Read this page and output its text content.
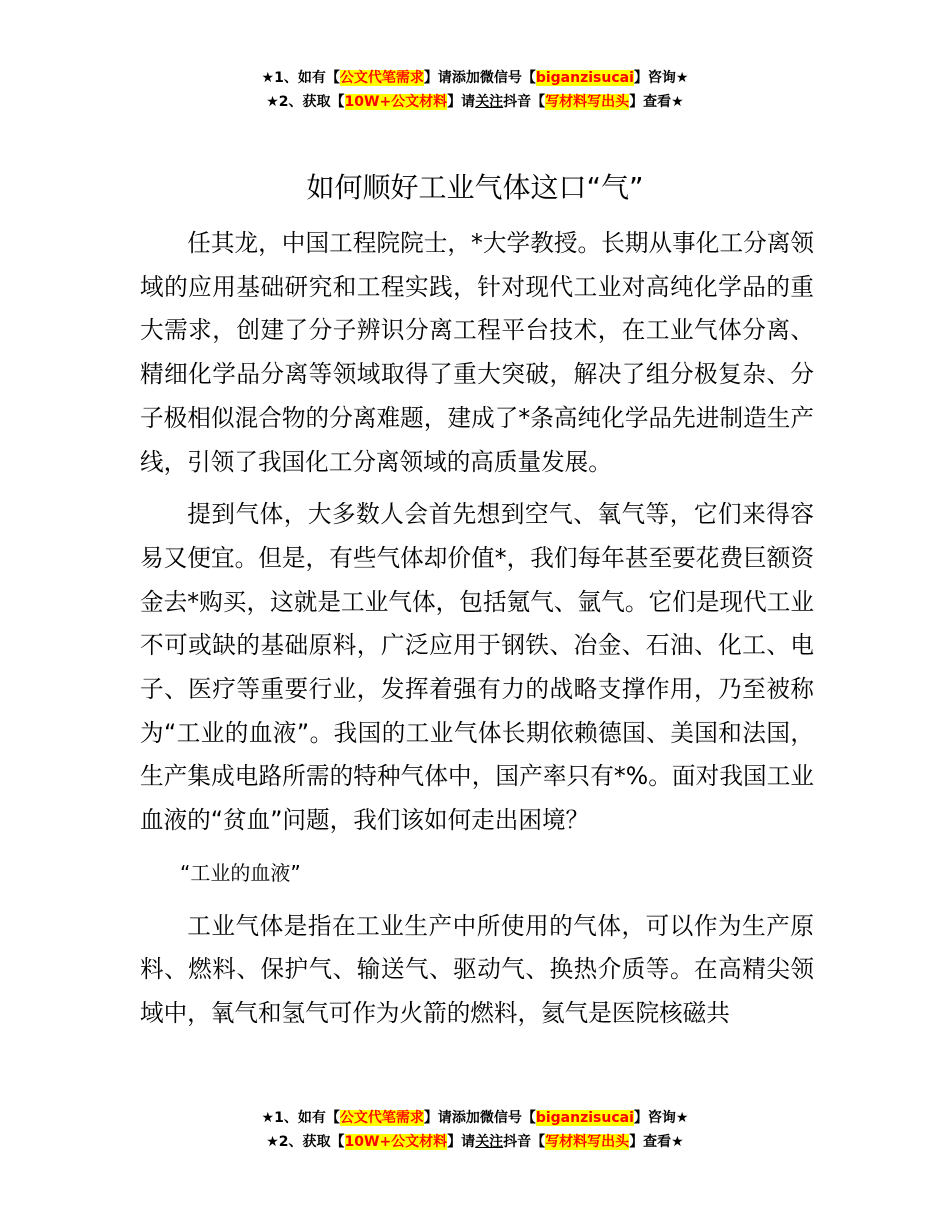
★1、如有【公文代笔需求】请添加微信号【biganzisucai】咨询★
★2、获取【10W+公文材料】请关注抖音【写材料写出头】查看★
如何顺好工业气体这口“气”

任其龙，中国工程院院士，*大学教授。长期从事化工分离领域的应用基础研究和工程实践，针对现代工业对高纯化学品的重大需求，创建了分子辨识分离工程平台技术，在工业气体分离、精细化学品分离等领域取得了重大突破，解决了组分极复杂、分子极相似混合物的分离难题，建成了*条高纯化学品先进制造生产线，引领了我国化工分离领域的高质量发展。

提到气体，大多数人会首先想到空气、氧气等，它们来得容易又便宜。但是，有些气体却价值*，我们每年甚至要花费巨额资金去*购买，这就是工业气体，包括氪气、氩气。它们是现代工业不可或缺的基础原料，广泛应用于钢铁、冶金、石油、化工、电子、医疗等重要行业，发挥着强有力的战略支撑作用，乃至被称为“工业的血液”。我国的工业气体长期依赖德国、美国和法国，生产集成电路所需的特种气体中，国产率只有*%。面对我国工业血液的“贫血”问题，我们该如何走出困境？

“工业的血液”

工业气体是指在工业生产中所使用的气体，可以作为生产原料、燃料、保护气、输送气、驱动气、换热介质等。在高精尖领域中，氧气和氢气可作为火箭的燃料，氦气是医院核磁共

★1、如有【公文代笔需求】请添加微信号【biganzisucai】咨询★
★2、获取【10W+公文材料】请关注抖音【写材料写出头】查看★
